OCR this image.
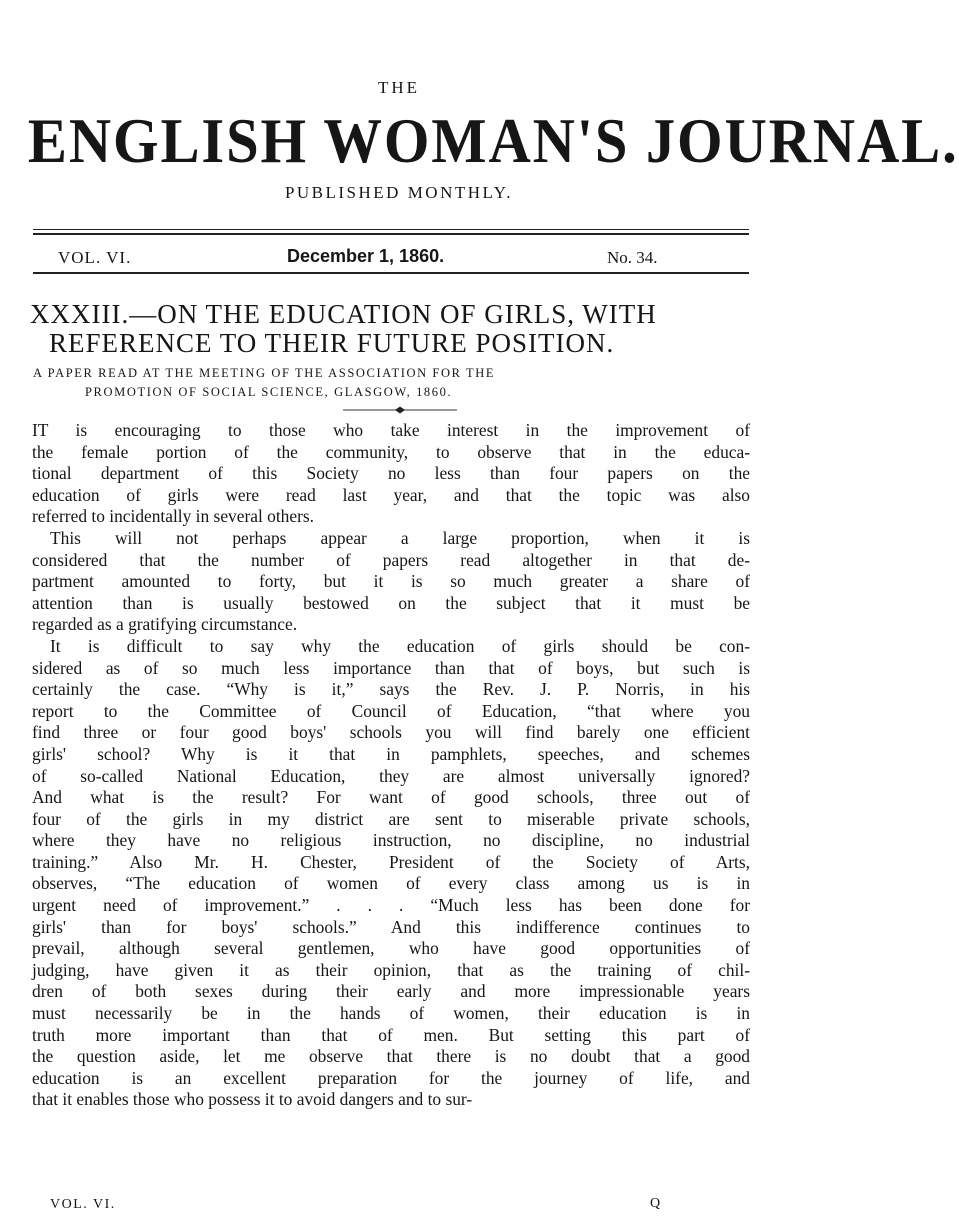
THE
ENGLISH WOMAN'S JOURNAL.
PUBLISHED MONTHLY.
VOL. VI.	December 1, 1860.	No. 34.
XXXIII.—ON THE EDUCATION OF GIRLS, WITH
REFERENCE TO THEIR FUTURE POSITION.
A PAPER READ AT THE MEETING OF THE ASSOCIATION FOR THE
PROMOTION OF SOCIAL SCIENCE, GLASGOW, 1860.
IT is encouraging to those who take interest in the improvement of
the female portion of the community, to observe that in the educa-
tional department of this Society no less than four papers on the
education of girls were read last year, and that the topic was also
referred to incidentally in several others.
This will not perhaps appear a large proportion, when it is
considered that the number of papers read altogether in that de-
partment amounted to forty, but it is so much greater a share of
attention than is usually bestowed on the subject that it must be
regarded as a gratifying circumstance.
It is difficult to say why the education of girls should be con-
sidered as of so much less importance than that of boys, but such is
certainly the case. “Why is it,” says the Rev. J. P. Norris, in his
report to the Committee of Council of Education, “that where you
find three or four good boys' schools you will find barely one efficient
girls' school? Why is it that in pamphlets, speeches, and schemes
of so-called National Education, they are almost universally ignored?
And what is the result? For want of good schools, three out of
four of the girls in my district are sent to miserable private schools,
where they have no religious instruction, no discipline, no industrial
training.” Also Mr. H. Chester, President of the Society of Arts,
observes, “The education of women of every class among us is in
urgent need of improvement.” . . . “Much less has been done for
girls' than for boys' schools.” And this indifference continues to
prevail, although several gentlemen, who have good opportunities of
judging, have given it as their opinion, that as the training of chil-
dren of both sexes during their early and more impressionable years
must necessarily be in the hands of women, their education is in
truth more important than that of men. But setting this part of
the question aside, let me observe that there is no doubt that a good
education is an excellent preparation for the journey of life, and
that it enables those who possess it to avoid dangers and to sur-
VOL. VI.	Q
